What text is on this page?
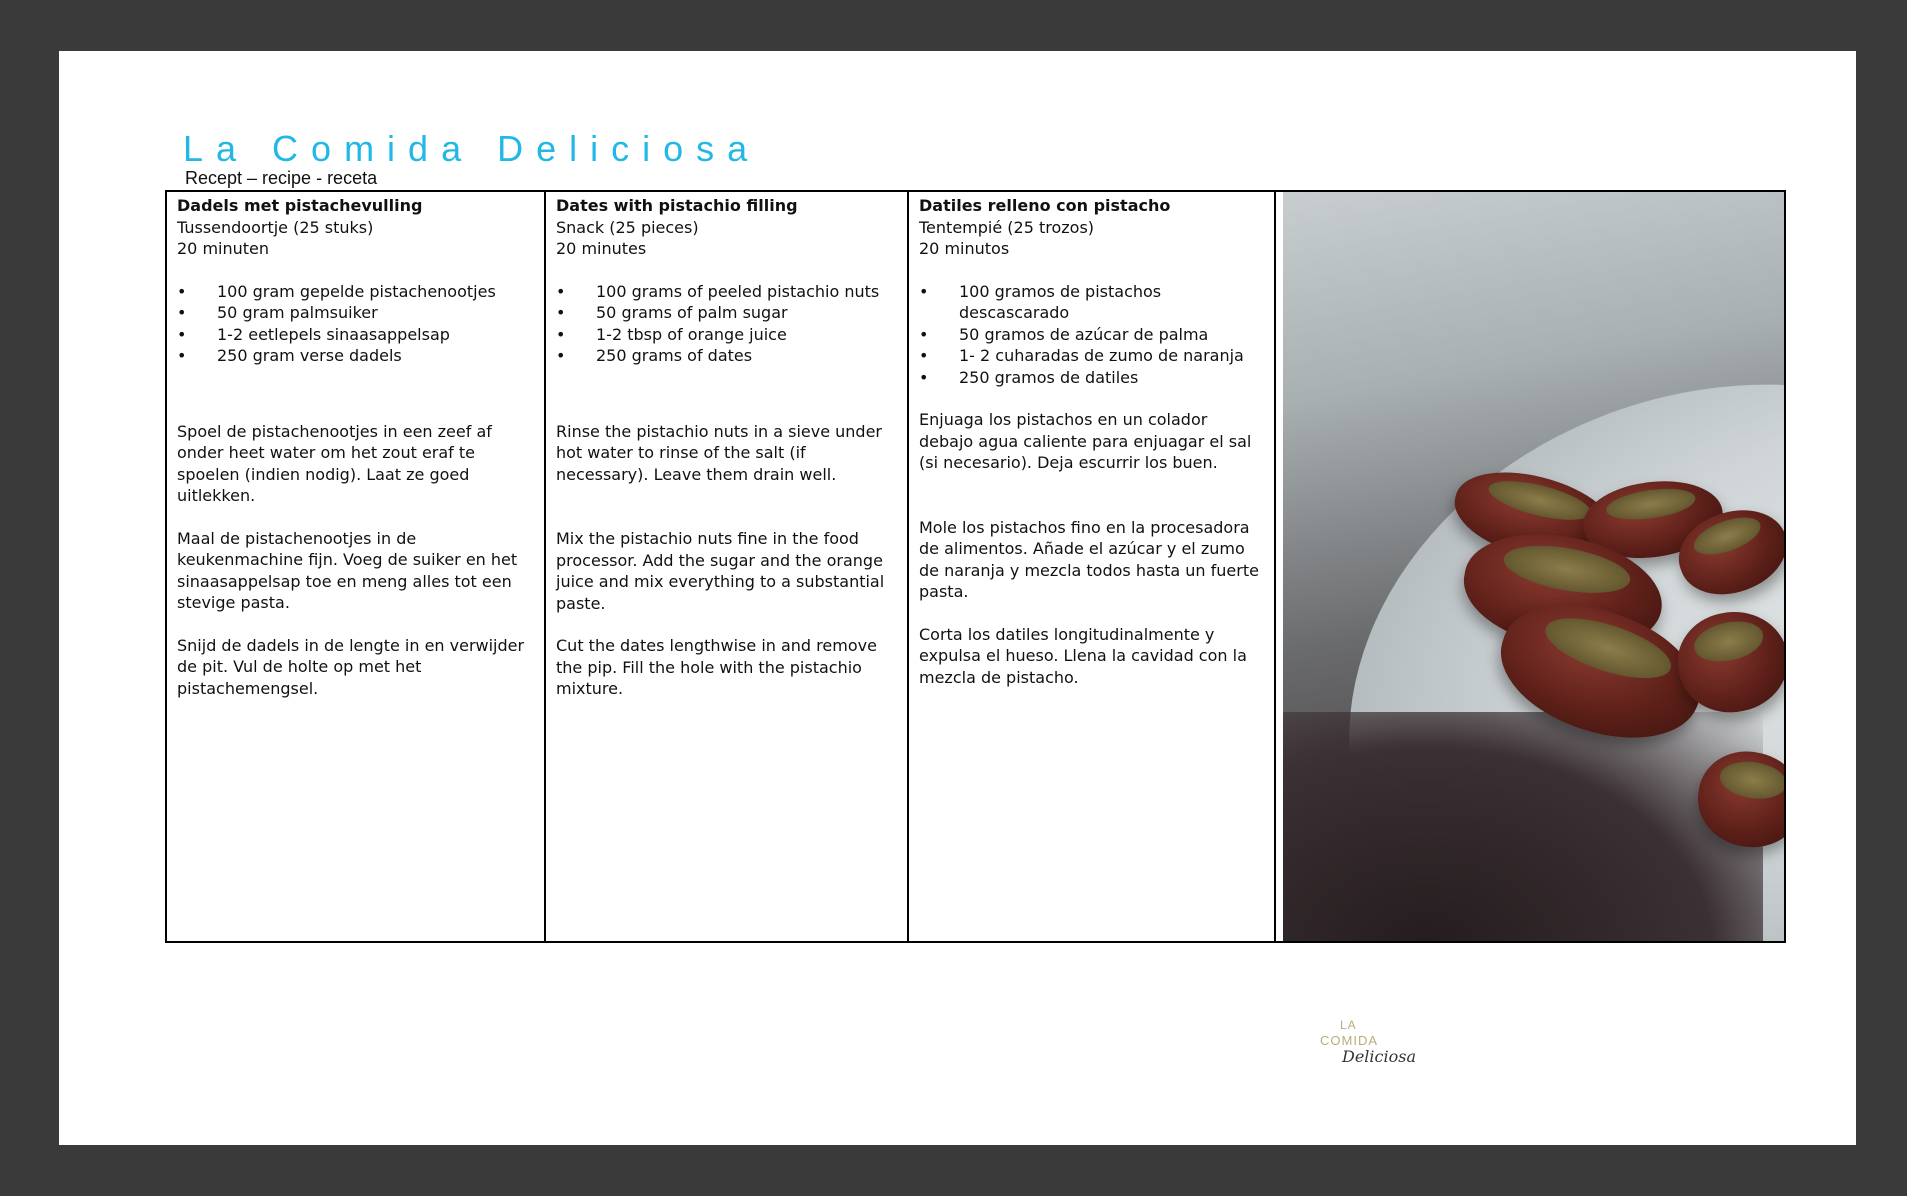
La Comida Deliciosa
Recept – recipe - receta
Dadels met pistachevulling

Tussendoortje (25 stuks)

20 minuten

• 100 gram gepelde pistachenootjes
• 50 gram palmsuiker
• 1-2 eetlepels sinaasappelsap
• 250 gram verse dadels

Spoel de pistachenootjes in een zeef af onder heet water om het zout eraf te spoelen (indien nodig). Laat ze goed uitlekken.

Maal de pistachenootjes in de keukenmachine fijn. Voeg de suiker en het sinaasappelsap toe en meng alles tot een stevige pasta.

Snijd de dadels in de lengte in en verwijder de pit. Vul de holte op met het pistachemengsel.

Dates with pistachio filling

Snack (25 pieces)

20 minutes

• 100 grams of peeled pistachio nuts
• 50 grams of palm sugar
• 1-2 tbsp of orange juice
• 250 grams of dates

Rinse the pistachio nuts in a sieve under hot water to rinse of the salt (if necessary). Leave them drain well.

Mix the pistachio nuts fine in the food processor. Add the sugar and the orange juice and mix everything to a substantial paste.

Cut the dates lengthwise in and remove the pip. Fill the hole with the pistachio mixture.

Datiles relleno con pistacho

Tentempié (25 trozos)

20 minutos

• 100 gramos de pistachos descascarado
• 50 gramos de azúcar de palma
• 1- 2 cuharadas de zumo de naranja
• 250 gramos de datiles

Enjuaga los pistachos en un colador debajo agua caliente para enjuagar el sal (si necesario). Deja escurrir los buen.

Mole los pistachos fino en la procesadora de alimentos. Añade el azúcar y el zumo de naranja y mezcla todos hasta un fuerte pasta.

Corta los datiles longitudinalmente y expulsa el hueso. Llena la cavidad con la mezcla de pistacho.

LA
COMIDA
Deliciosa
